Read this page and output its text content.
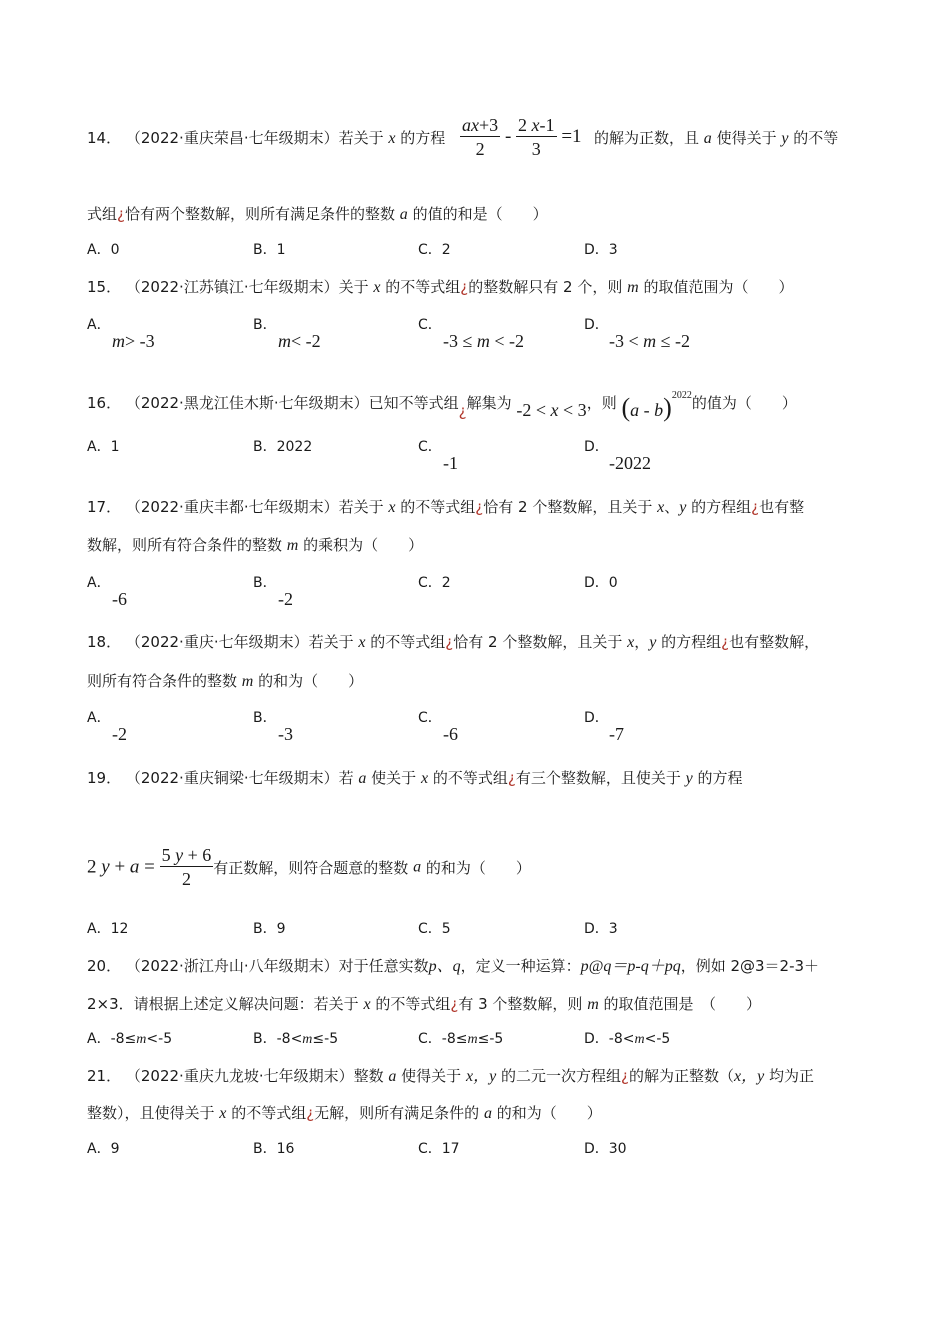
14． （2022·重庆荣昌·七年级期末）若关于 x 的方程 $\frac{ax+3}{2} - \frac{2 x-1}{3} =1$ 的解为正数，且 a 使得关于 y 的不等
式组¿恰有两个整数解，则所有满足条件的整数 a 的值的和是（　　）
A．0	B．1	C．2	D．3
15． （2022·江苏镇江·七年级期末）关于 x 的不等式组¿的整数解只有 2 个，则 m 的取值范围为（　　）
A．
m> -3
B．
m< -2
C．
-3 ≤ m < -2
D．
-3 < m ≤ -2
16． （2022·黑龙江佳木斯·七年级期末）已知不等式组¿解集为 -2 < x < 3，则 (a - b)$^{2022}$的值为（　　）
A．1	B．2022	C．
-1
D．
-2022
17． （2022·重庆丰都·七年级期末）若关于 x 的不等式组¿恰有 2 个整数解，且关于 x、y 的方程组¿也有整
数解，则所有符合条件的整数 m 的乘积为（　　）
A．
-6
B．
-2
C．2	D．0
18． （2022·重庆·七年级期末）若关于 x 的不等式组¿恰有 2 个整数解，且关于 x，y 的方程组¿也有整数解，
则所有符合条件的整数 m 的和为（　　）
A．
-2
B．
-3
C．
-6
D．
-7
19． （2022·重庆铜梁·七年级期末）若 a 使关于 x 的不等式组¿有三个整数解，且使关于 y 的方程
2 $y + a = \frac{5 y + 6}{2}$ 有正数解，则符合题意的整数 a 的和为（　　）
A．12	B．9	C．5	D．3
20． （2022·浙江舟山·八年级期末）对于任意实数p、q，定义一种运算：p@q＝p-q＋pq，例如 2@3＝2-3＋
2×3．请根据上述定义解决问题：若关于 x 的不等式组¿有 3 个整数解，则 m 的取值范围是　（　　）
A．-8≤m<-5	B．-8<m≤-5	C．-8≤m≤-5	D．-8<m<-5
21． （2022·重庆九龙坡·七年级期末）整数 a 使得关于 x，y 的二元一次方程组¿的解为正整数（x，y 均为正
整数），且使得关于 x 的不等式组¿无解，则所有满足条件的 a 的和为（　　）
A．9	B．16	C．17	D．30
